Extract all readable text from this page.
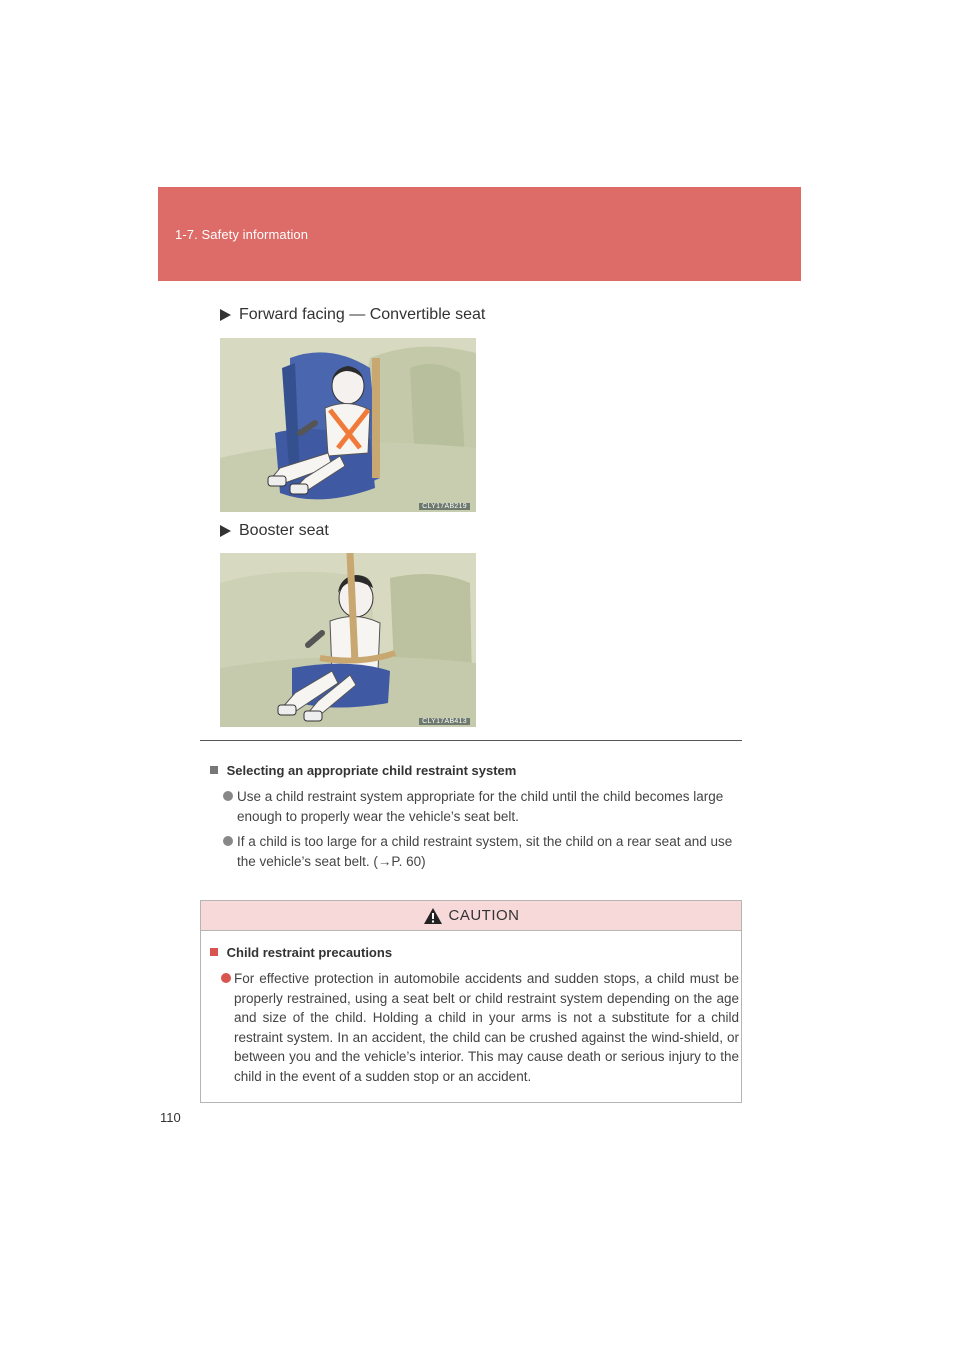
1-7. Safety information
Forward facing — Convertible seat
CLY17AB219
Booster seat
CLY17AB413
Selecting an appropriate child restraint system
Use a child restraint system appropriate for the child until the child becomes large enough to properly wear the vehicle’s seat belt.
If a child is too large for a child restraint system, sit the child on a rear seat and use the vehicle’s seat belt. (→P. 60)
CAUTION
Child restraint precautions
For effective protection in automobile accidents and sudden stops, a child must be properly restrained, using a seat belt or child restraint system depending on the age and size of the child. Holding a child in your arms is not a substitute for a child restraint system. In an accident, the child can be crushed against the wind-shield, or between you and the vehicle’s interior. This may cause death or serious injury to the child in the event of a sudden stop or an accident.
110
